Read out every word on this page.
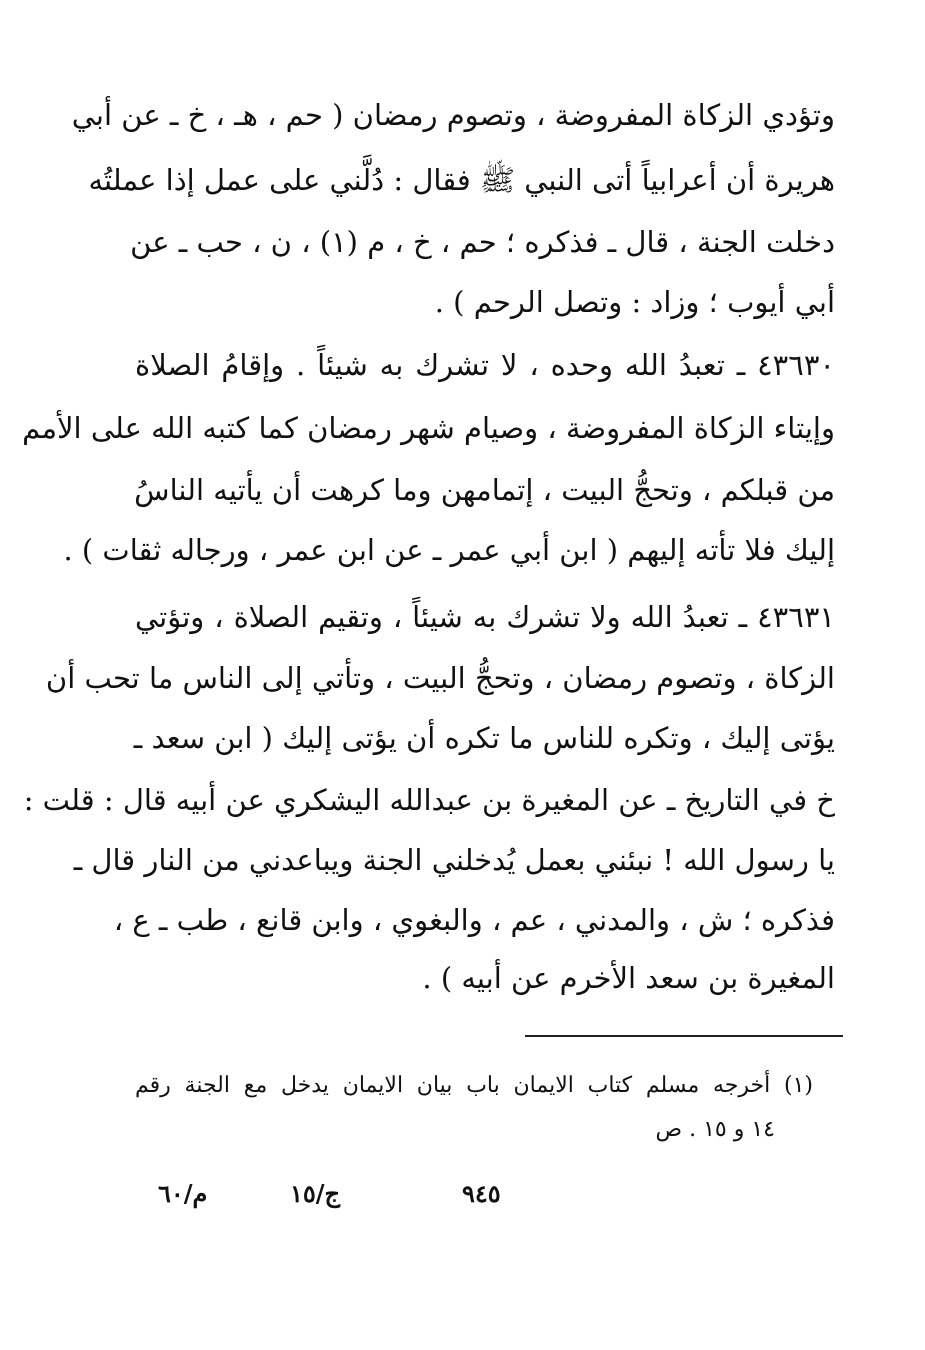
وتؤدي الزكاة المفروضة ، وتصوم رمضان ( حم ، هـ ، خ ـ عن أبي
هريرة أن أعرابياً أتى النبي ﷺ فقال : دُلَّني على عمل إذا عملتُه
دخلت الجنة ، قال ـ فذكره ؛ حم ، خ ، م (١) ، ن ، حب ـ عن
أبي أيوب ؛ وزاد : وتصل الرحم ) .
٤٣٦٣٠ ـ تعبدُ الله وحده ، لا تشرك به شيئاً . وإقامُ الصلاة
وإيتاء الزكاة المفروضة ، وصيام شهر رمضان كما كتبه الله على الأمم
من قبلكم ، وتحجُّ البيت ، إتمامهن وما كرهت أن يأتيه الناسُ
إليك فلا تأته إليهم ( ابن أبي عمر ـ عن ابن عمر ، ورجاله ثقات ) .
٤٣٦٣١ ـ تعبدُ الله ولا تشرك به شيئاً ، وتقيم الصلاة ، وتؤتي
الزكاة ، وتصوم رمضان ، وتحجُّ البيت ، وتأتي إلى الناس ما تحب أن
يؤتى إليك ، وتكره للناس ما تكره أن يؤتى إليك ( ابن سعد ـ
خ في التاريخ ـ عن المغيرة بن عبدالله اليشكري عن أبيه قال : قلت :
يا رسول الله ! نبئني بعمل يُدخلني الجنة ويباعدني من النار قال ـ
فذكره ؛ ش ، والمدني ، عم ، والبغوي ، وابن قانع ، طب ـ ع ،
المغيرة بن سعد الأخرم عن أبيه ) .
(١) أخرجه مسلم كتاب الايمان باب بيان الايمان يدخل مع الجنة رقم
١٤ و ١٥ . ص
٩٤٥
ج/١٥
م/٦٠
